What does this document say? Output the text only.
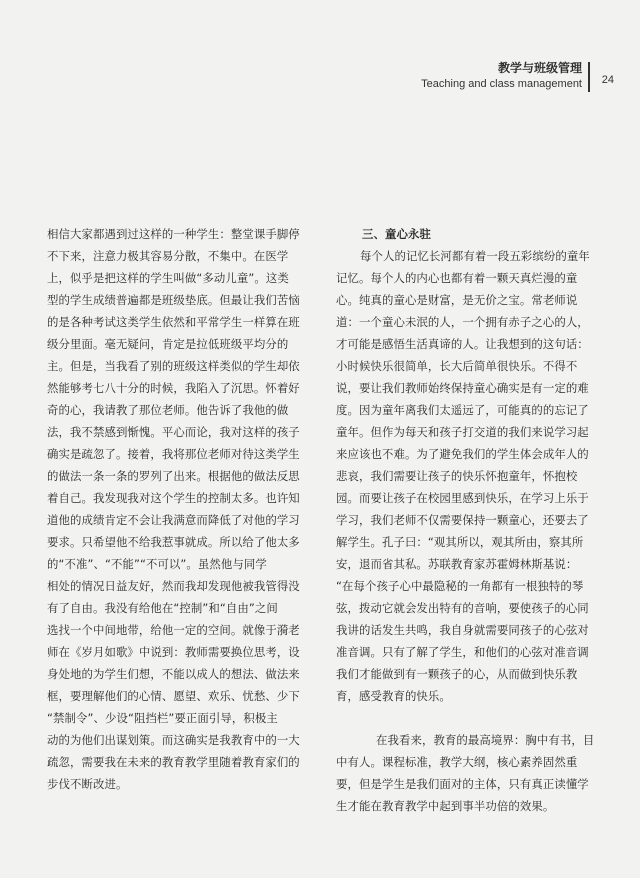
教学与班级管理
Teaching and class management 24
相信大家都遇到过这样的一种学生：整堂课手脚停
不下来，注意力极其容易分散，不集中。在医学
上，似乎是把这样的学生叫做“多动儿童”。这类
型的学生成绩普遍都是班级垫底。但最让我们苦恼
的是各种考试这类学生依然和平常学生一样算在班
级分里面。毫无疑问，肯定是拉低班级平均分的
主。但是，当我看了别的班级这样类似的学生却依
然能够考七八十分的时候，我陷入了沉思。怀着好
奇的心，我请教了那位老师。他告诉了我他的做
法，我不禁感到惭愧。平心而论，我对这样的孩子
确实是疏忽了。接着，我将那位老师对待这类学生
的做法一条一条的罗列了出来。根据他的做法反思
着自己。我发现我对这个学生的控制太多。也许知
道他的成绩肯定不会让我满意而降低了对他的学习
要求。只希望他不给我惹事就成。所以给了他太多
的“不准”、“不能”“不可以”。虽然他与同学
相处的情况日益友好，然而我却发现他被我管得没
有了自由。我没有给他在“控制”和“自由”之间
选找一个中间地带，给他一定的空间。就像于漪老
师在《岁月如歌》中说到：教师需要换位思考，设
身处地的为学生们想，不能以成人的想法、做法来
框，要理解他们的心情、愿望、欢乐、忧愁、少下
“禁制令”、少设“阻挡栏”要正面引导，积极主
动的为他们出谋划策。而这确实是我教育中的一大
疏忽，需要我在未来的教育教学里随着教育家们的
步伐不断改进。
三、童心永驻
每个人的记忆长河都有着一段五彩缤纷的童年
记忆。每个人的内心也都有着一颗天真烂漫的童
心。纯真的童心是财富，是无价之宝。常老师说
道：一个童心未泯的人，一个拥有赤子之心的人，
才可能是感悟生活真谛的人。让我想到的这句话：
小时候快乐很简单，长大后简单很快乐。不得不
说，要让我们教师始终保持童心确实是有一定的难
度。因为童年离我们太遥远了，可能真的的忘记了
童年。但作为每天和孩子打交道的我们来说学习起
来应该也不难。为了避免我们的学生体会成年人的
悲哀，我们需要让孩子的快乐怀抱童年，怀抱校
园。而要让孩子在校园里感到快乐，在学习上乐于
学习，我们老师不仅需要保持一颗童心，还要去了
解学生。孔子曰：“观其所以，观其所由，察其所
安，退而省其私。苏联教育家苏霍姆林斯基说：
“在每个孩子心中最隐秘的一角都有一根独特的琴
弦，拨动它就会发出特有的音响，要使孩子的心同
我讲的话发生共鸣，我自身就需要同孩子的心弦对
准音调。只有了解了学生，和他们的心弦对准音调
我们才能做到有一颗孩子的心，从而做到快乐教
育，感受教育的快乐。
在我看来，教育的最高境界：胸中有书，目
中有人。课程标准，教学大纲，核心素养固然重
要，但是学生是我们面对的主体，只有真正读懂学
生才能在教育教学中起到事半功倍的效果。
